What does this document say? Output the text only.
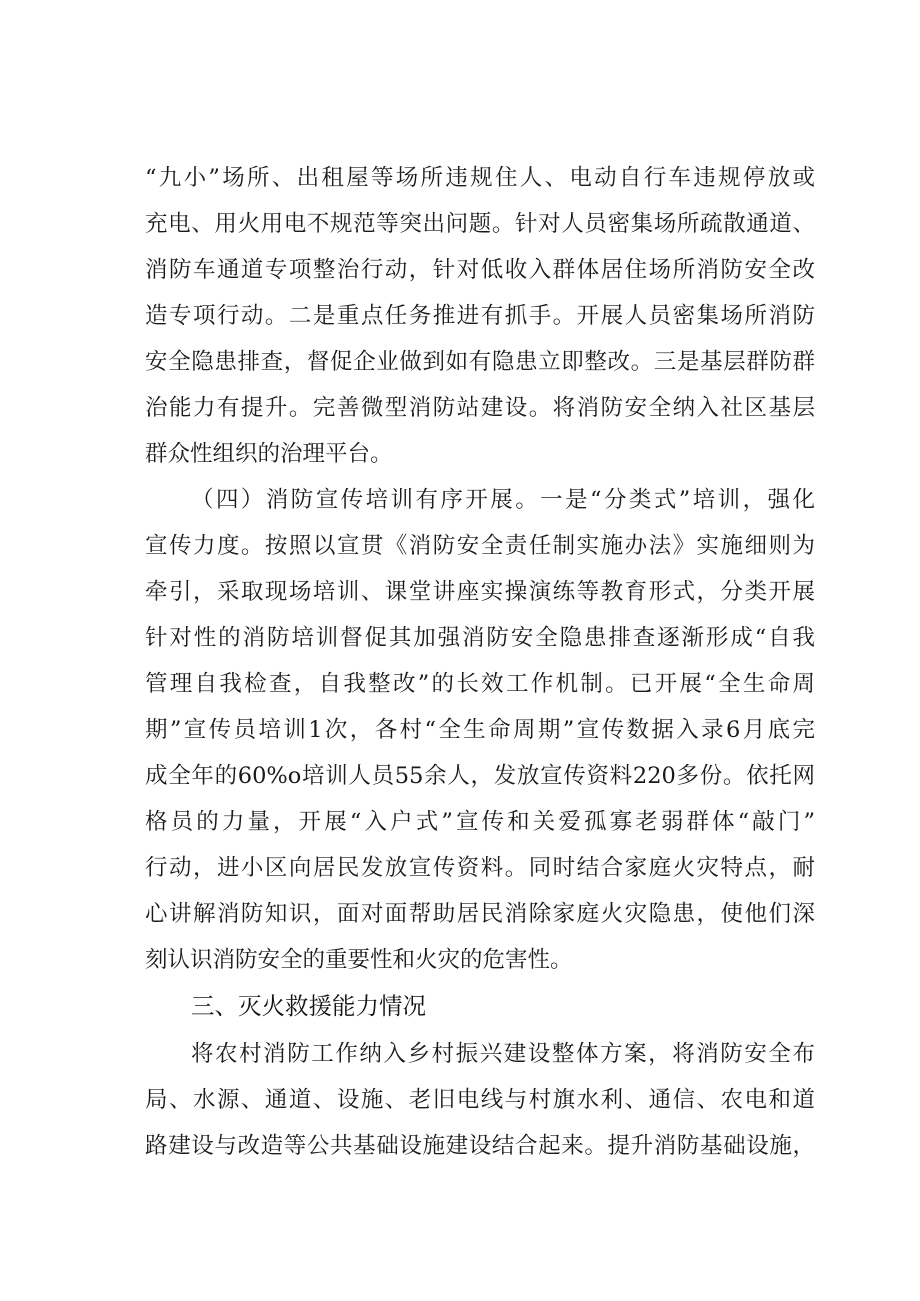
“九小”场所、出租屋等场所违规住人、电动自行车违规停放或
充电、用火用电不规范等突出问题。针对人员密集场所疏散通道、
消防车通道专项整治行动，针对低收入群体居住场所消防安全改
造专项行动。二是重点任务推进有抓手。开展人员密集场所消防
安全隐患排查，督促企业做到如有隐患立即整改。三是基层群防群
治能力有提升。完善微型消防站建设。将消防安全纳入社区基层
群众性组织的治理平台。
（四）消防宣传培训有序开展。一是“分类式”培训，强化
宣传力度。按照以宣贯《消防安全责任制实施办法》实施细则为
牵引，采取现场培训、课堂讲座实操演练等教育形式，分类开展
针对性的消防培训督促其加强消防安全隐患排查逐渐形成“自我
管理自我检查，自我整改”的长效工作机制。已开展“全生命周
期”宣传员培训1次，各村“全生命周期”宣传数据入录6月底完
成全年的60%o培训人员55余人，发放宣传资料220多份。依托网
格员的力量，开展“入户式”宣传和关爱孤寡老弱群体“敲门”
行动，进小区向居民发放宣传资料。同时结合家庭火灾特点，耐
心讲解消防知识，面对面帮助居民消除家庭火灾隐患，使他们深
刻认识消防安全的重要性和火灾的危害性。
三、灭火救援能力情况
将农村消防工作纳入乡村振兴建设整体方案，将消防安全布
局、水源、通道、设施、老旧电线与村旗水利、通信、农电和道
路建设与改造等公共基础设施建设结合起来。提升消防基础设施，
